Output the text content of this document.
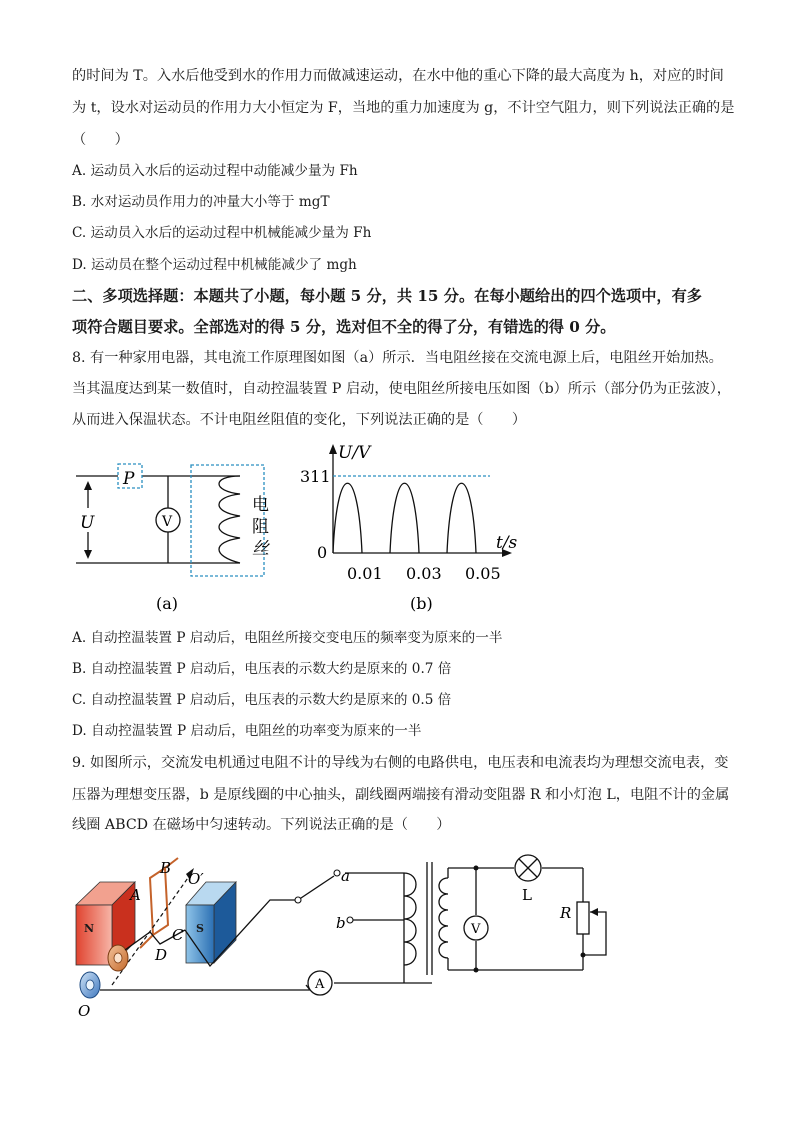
的时间为 T。入水后他受到水的作用力而做减速运动，在水中他的重心下降的最大高度为 h，对应的时间
为 t，设水对运动员的作用力大小恒定为 F，当地的重力加速度为 g，不计空气阻力，则下列说法正确的是
（　　）
A. 运动员入水后的运动过程中动能减少量为 Fh
B. 水对运动员作用力的冲量大小等于 mgT
C. 运动员入水后的运动过程中机械能减少量为 Fh
D. 运动员在整个运动过程中机械能减少了 mgh
二、多项选择题：本题共了小题，每小题 5 分，共 15 分。在每小题给出的四个选项中，有多
项符合题目要求。全部选对的得 5 分，选对但不全的得了分，有错选的得 0 分。
8. 有一种家用电器，其电流工作原理图如图（a）所示．当电阻丝接在交流电源上后，电阻丝开始加热。
当其温度达到某一数值时，自动控温装置 P 启动，使电阻丝所接电压如图（b）所示（部分仍为正弦波），
从而进入保温状态。不计电阻丝阻值的变化，下列说法正确的是（　　）
P
U	V
电
阻
丝
(a)
U/V
311
0	t/s
0.01 0.03 0.05
(b)
A. 自动控温装置 P 启动后，电阻丝所接交变电压的频率变为原来的一半
B. 自动控温装置 P 启动后，电压表的示数大约是原来的 0.7 倍
C. 自动控温装置 P 启动后，电压表的示数大约是原来的 0.5 倍
D. 自动控温装置 P 启动后，电阻丝的功率变为原来的一半
9. 如图所示，交流发电机通过电阻不计的导线为右侧的电路供电，电压表和电流表均为理想交流电表，变
压器为理想变压器，b 是原线圈的中心抽头，副线圈两端接有滑动变阻器 R 和小灯泡 L，电阻不计的金属
线圈 ABCD 在磁场中匀速转动。下列说法正确的是（　　）
N	S
B
A
C
D
O′
O
a
b
A
V
L
R
